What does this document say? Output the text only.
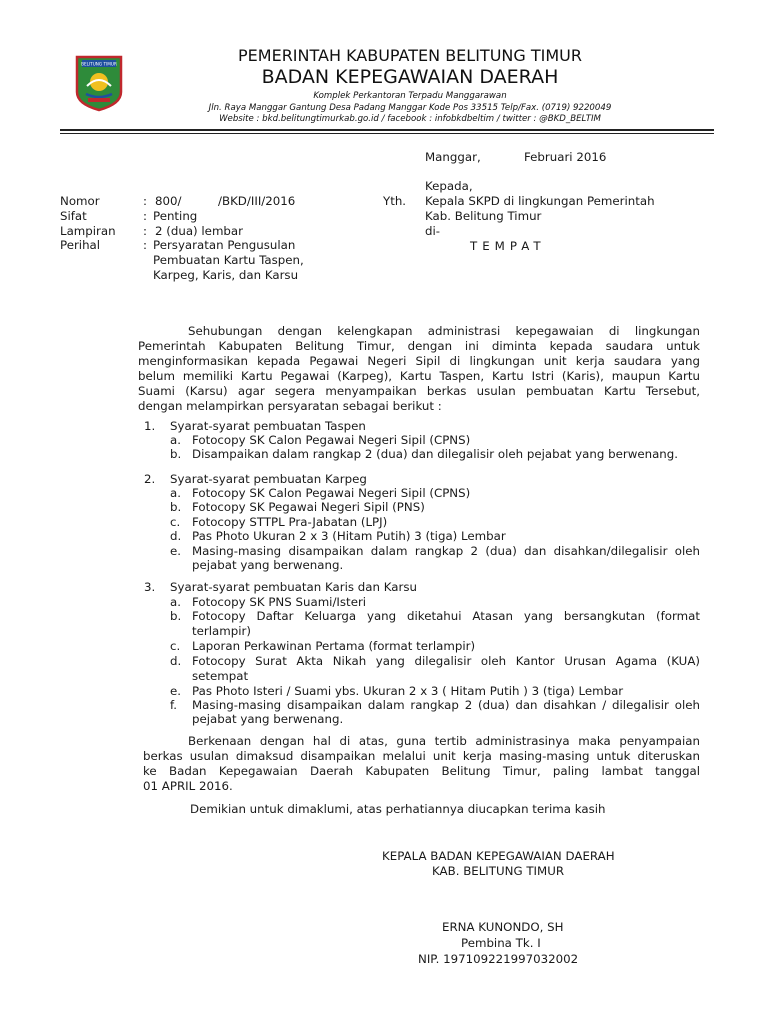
BELITUNG TIMUR	PEMERINTAH KABUPATEN BELITUNG TIMUR
BADAN KEPEGAWAIAN DAERAH
Komplek Perkantoran Terpadu Manggarawan
Jln. Raya Manggar Gantung Desa Padang Manggar Kode Pos 33515 Telp/Fax. (0719) 9220049
Website : bkd.belitungtimurkab.go.id / facebook : infobkdbeltim / twitter : @BKD_BELTIM
Manggar,	Februari 2016
Kepada,
Yth. Kepala SKPD di lingkungan Pemerintah
Kab. Belitung Timur
di-
TEMPAT
Nomor	: 800/	/BKD/III/2016
Sifat	: Penting
Lampiran : 2 (dua) lembar
Perihal	: Persyaratan Pengusulan
Pembuatan Kartu Taspen,
Karpeg, Karis, dan Karsu
Sehubungan dengan kelengkapan administrasi kepegawaian di lingkungan
Pemerintah Kabupaten Belitung Timur, dengan ini diminta kepada saudara untuk
menginformasikan kepada Pegawai Negeri Sipil di lingkungan unit kerja saudara yang
belum memiliki Kartu Pegawai (Karpeg), Kartu Taspen, Kartu Istri (Karis), maupun Kartu
Suami (Karsu) agar segera menyampaikan berkas usulan pembuatan Kartu Tersebut,
dengan melampirkan persyaratan sebagai berikut :
1. Syarat-syarat pembuatan Taspen
a. Fotocopy SK Calon Pegawai Negeri Sipil (CPNS)
b. Disampaikan dalam rangkap 2 (dua) dan dilegalisir oleh pejabat yang berwenang.
2. Syarat-syarat pembuatan Karpeg
a. Fotocopy SK Calon Pegawai Negeri Sipil (CPNS)
b. Fotocopy SK Pegawai Negeri Sipil (PNS)
c. Fotocopy STTPL Pra-Jabatan (LPJ)
d. Pas Photo Ukuran 2 x 3 (Hitam Putih) 3 (tiga) Lembar
e. Masing-masing disampaikan dalam rangkap 2 (dua) dan disahkan/dilegalisir oleh
pejabat yang berwenang.
3. Syarat-syarat pembuatan Karis dan Karsu
a. Fotocopy SK PNS Suami/Isteri
b. Fotocopy Daftar Keluarga yang diketahui Atasan yang bersangkutan (format
terlampir)
c. Laporan Perkawinan Pertama (format terlampir)
d. Fotocopy Surat Akta Nikah yang dilegalisir oleh Kantor Urusan Agama (KUA)
setempat
e. Pas Photo Isteri / Suami ybs. Ukuran 2 x 3 ( Hitam Putih ) 3 (tiga) Lembar
f. Masing-masing disampaikan dalam rangkap 2 (dua) dan disahkan / dilegalisir oleh
pejabat yang berwenang.
Berkenaan dengan hal di atas, guna tertib administrasinya maka penyampaian
berkas usulan dimaksud disampaikan melalui unit kerja masing-masing untuk diteruskan
ke Badan Kepegawaian Daerah Kabupaten Belitung Timur, paling lambat tanggal
01 APRIL 2016.
Demikian untuk dimaklumi, atas perhatiannya diucapkan terima kasih
KEPALA BADAN KEPEGAWAIAN DAERAH
KAB. BELITUNG TIMUR
ERNA KUNONDO, SH
Pembina Tk. I
NIP. 197109221997032002
